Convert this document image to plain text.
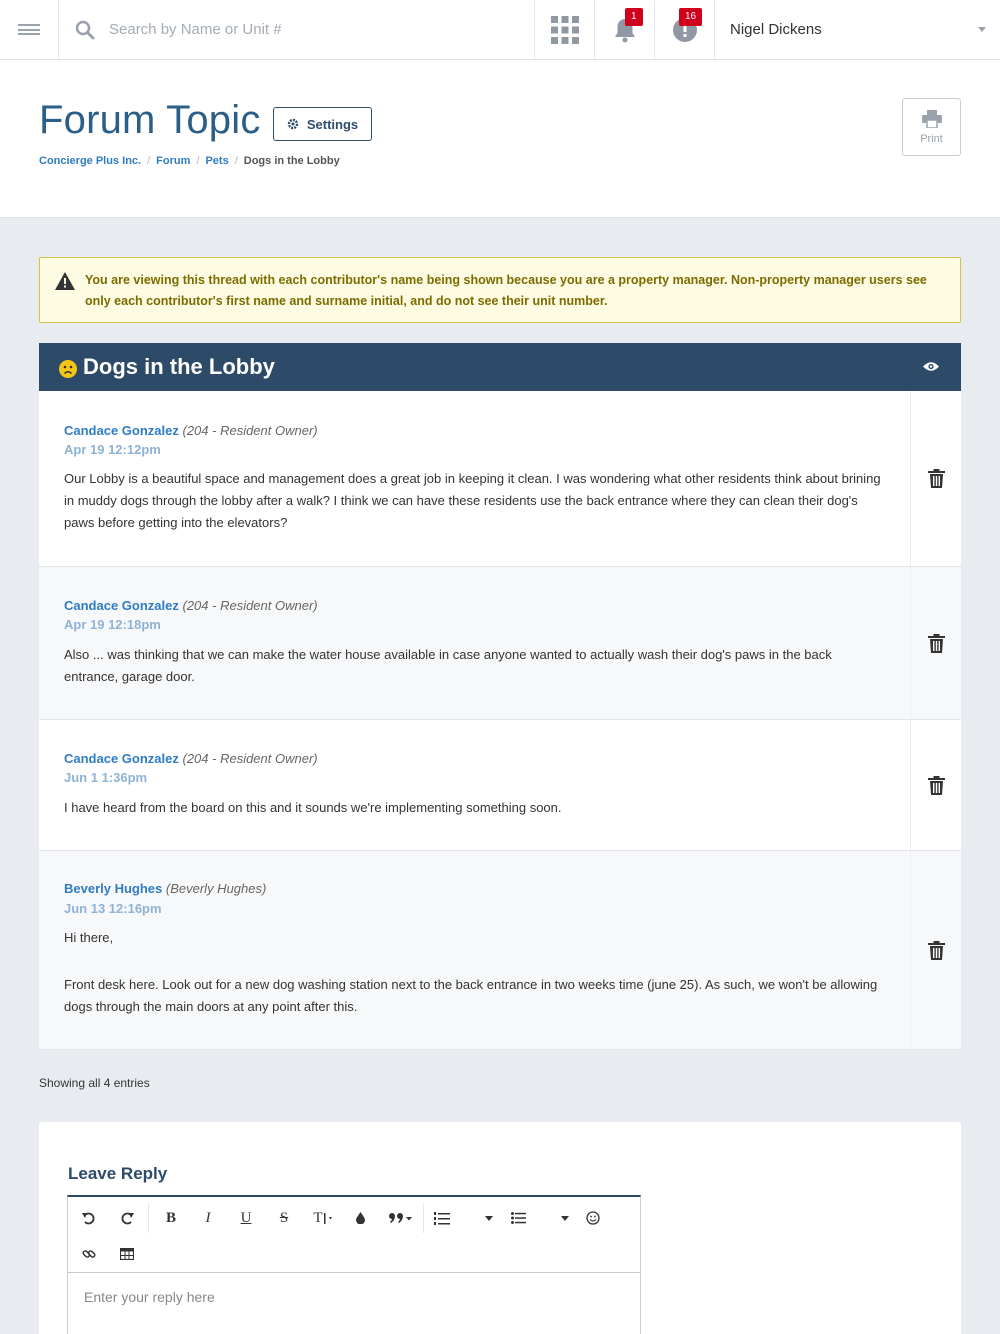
Search by Name or Unit #
1	16
Nigel Dickens
Forum Topic	Settings
Concierge Plus Inc. / Forum / Pets / Dogs in the Lobby
Print

You are viewing this thread with each contributor's name being shown because you are a property manager. Non-property manager users see only each contributor's first name and surname initial, and do not see their unit number.

Dogs in the Lobby
Candace Gonzalez (204 - Resident Owner)
Apr 19 12:12pm
Our Lobby is a beautiful space and management does a great job in keeping it clean. I was wondering what other residents think about brining in muddy dogs through the lobby after a walk? I think we can have these residents use the back entrance where they can clean their dog's paws before getting into the elevators?
Candace Gonzalez (204 - Resident Owner)
Apr 19 12:18pm
Also ... was thinking that we can make the water house available in case anyone wanted to actually wash their dog's paws in the back entrance, garage door.
Candace Gonzalez (204 - Resident Owner)
Jun 1 1:36pm
I have heard from the board on this and it sounds we're implementing something soon.
Beverly Hughes (Beverly Hughes)
Jun 13 12:16pm
Hi there,
Front desk here. Look out for a new dog washing station next to the back entrance in two weeks time (june 25). As such, we won't be allowing dogs through the main doors at any point after this.
Showing all 4 entries
Leave Reply
B	I	U	S	T
Enter your reply here
